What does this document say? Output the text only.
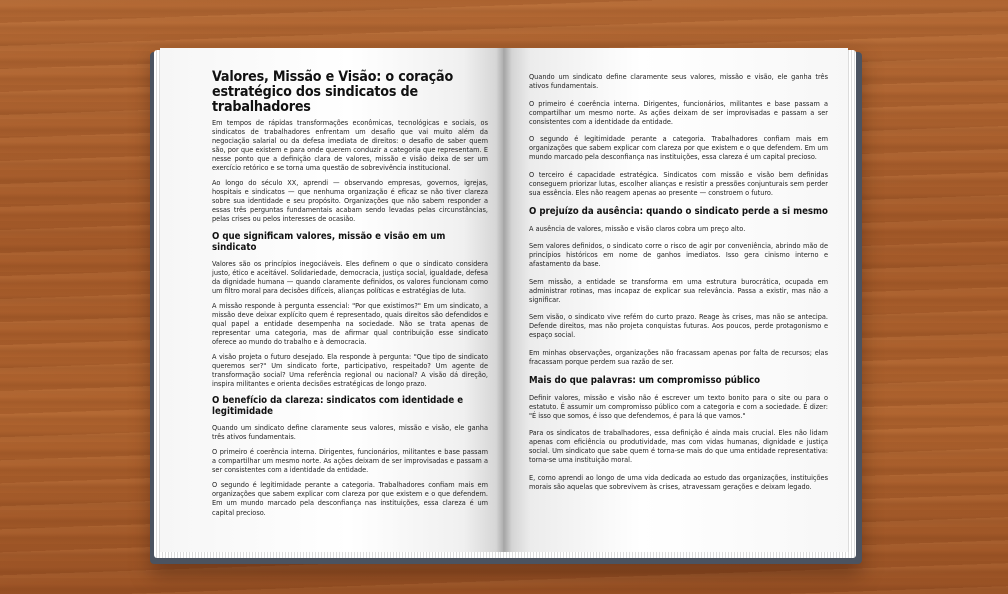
Valores, Missão e Visão: o coração estratégico dos sindicatos de trabalhadores

Em tempos de rápidas transformações econômicas, tecnológicas e sociais, os sindicatos de trabalhadores enfrentam um desafio que vai muito além da negociação salarial ou da defesa imediata de direitos: o desafio de saber quem são, por que existem e para onde querem conduzir a categoria que representam. E nesse ponto que a definição clara de valores, missão e visão deixa de ser um exercício retórico e se torna uma questão de sobrevivência institucional.

Ao longo do século XX, aprendi — observando empresas, governos, igrejas, hospitais e sindicatos — que nenhuma organização é eficaz se não tiver clareza sobre sua identidade e seu propósito. Organizações que não sabem responder a essas três perguntas fundamentais acabam sendo levadas pelas circunstâncias, pelas crises ou pelos interesses de ocasião.

O que significam valores, missão e visão em um sindicato

Valores são os princípios inegociáveis. Eles definem o que o sindicato considera justo, ético e aceitável. Solidariedade, democracia, justiça social, igualdade, defesa da dignidade humana — quando claramente definidos, os valores funcionam como um filtro moral para decisões difíceis, alianças políticas e estratégias de luta.

A missão responde à pergunta essencial: "Por que existimos?" Em um sindicato, a missão deve deixar explícito quem é representado, quais direitos são defendidos e qual papel a entidade desempenha na sociedade. Não se trata apenas de representar uma categoria, mas de afirmar qual contribuição esse sindicato oferece ao mundo do trabalho e à democracia.

A visão projeta o futuro desejado. Ela responde à pergunta: "Que tipo de sindicato queremos ser?" Um sindicato forte, participativo, respeitado? Um agente de transformação social? Uma referência regional ou nacional? A visão dá direção, inspira militantes e orienta decisões estratégicas de longo prazo.

O benefício da clareza: sindicatos com identidade e legitimidade

Quando um sindicato define claramente seus valores, missão e visão, ele ganha três ativos fundamentais.

O primeiro é coerência interna. Dirigentes, funcionários, militantes e base passam a compartilhar um mesmo norte. As ações deixam de ser improvisadas e passam a ser consistentes com a identidade da entidade.

O segundo é legitimidade perante a categoria. Trabalhadores confiam mais em organizações que sabem explicar com clareza por que existem e o que defendem. Em um mundo marcado pela desconfiança nas instituições, essa clareza é um capital precioso.

Quando um sindicato define claramente seus valores, missão e visão, ele ganha três ativos fundamentais.

O primeiro é coerência interna. Dirigentes, funcionários, militantes e base passam a compartilhar um mesmo norte. As ações deixam de ser improvisadas e passam a ser consistentes com a identidade da entidade.

O segundo é legitimidade perante a categoria. Trabalhadores confiam mais em organizações que sabem explicar com clareza por que existem e o que defendem. Em um mundo marcado pela desconfiança nas instituições, essa clareza é um capital precioso.

O terceiro é capacidade estratégica. Sindicatos com missão e visão bem definidas conseguem priorizar lutas, escolher alianças e resistir a pressões conjunturais sem perder sua essência. Eles não reagem apenas ao presente — constroem o futuro.

O prejuízo da ausência: quando o sindicato perde a si mesmo

A ausência de valores, missão e visão claros cobra um preço alto.

Sem valores definidos, o sindicato corre o risco de agir por conveniência, abrindo mão de princípios históricos em nome de ganhos imediatos. Isso gera cinismo interno e afastamento da base.

Sem missão, a entidade se transforma em uma estrutura burocrática, ocupada em administrar rotinas, mas incapaz de explicar sua relevância. Passa a existir, mas não a significar.

Sem visão, o sindicato vive refém do curto prazo. Reage às crises, mas não se antecipa. Defende direitos, mas não projeta conquistas futuras. Aos poucos, perde protagonismo e espaço social.

Em minhas observações, organizações não fracassam apenas por falta de recursos; elas fracassam porque perdem sua razão de ser.

Mais do que palavras: um compromisso público

Definir valores, missão e visão não é escrever um texto bonito para o site ou para o estatuto. É assumir um compromisso público com a categoria e com a sociedade. É dizer: "É isso que somos, é isso que defendemos, é para lá que vamos."

Para os sindicatos de trabalhadores, essa definição é ainda mais crucial. Eles não lidam apenas com eficiência ou produtividade, mas com vidas humanas, dignidade e justiça social. Um sindicato que sabe quem é torna-se mais do que uma entidade representativa: torna-se uma instituição moral.

E, como aprendi ao longo de uma vida dedicada ao estudo das organizações, instituições morais são aquelas que sobrevivem às crises, atravessam gerações e deixam legado.
